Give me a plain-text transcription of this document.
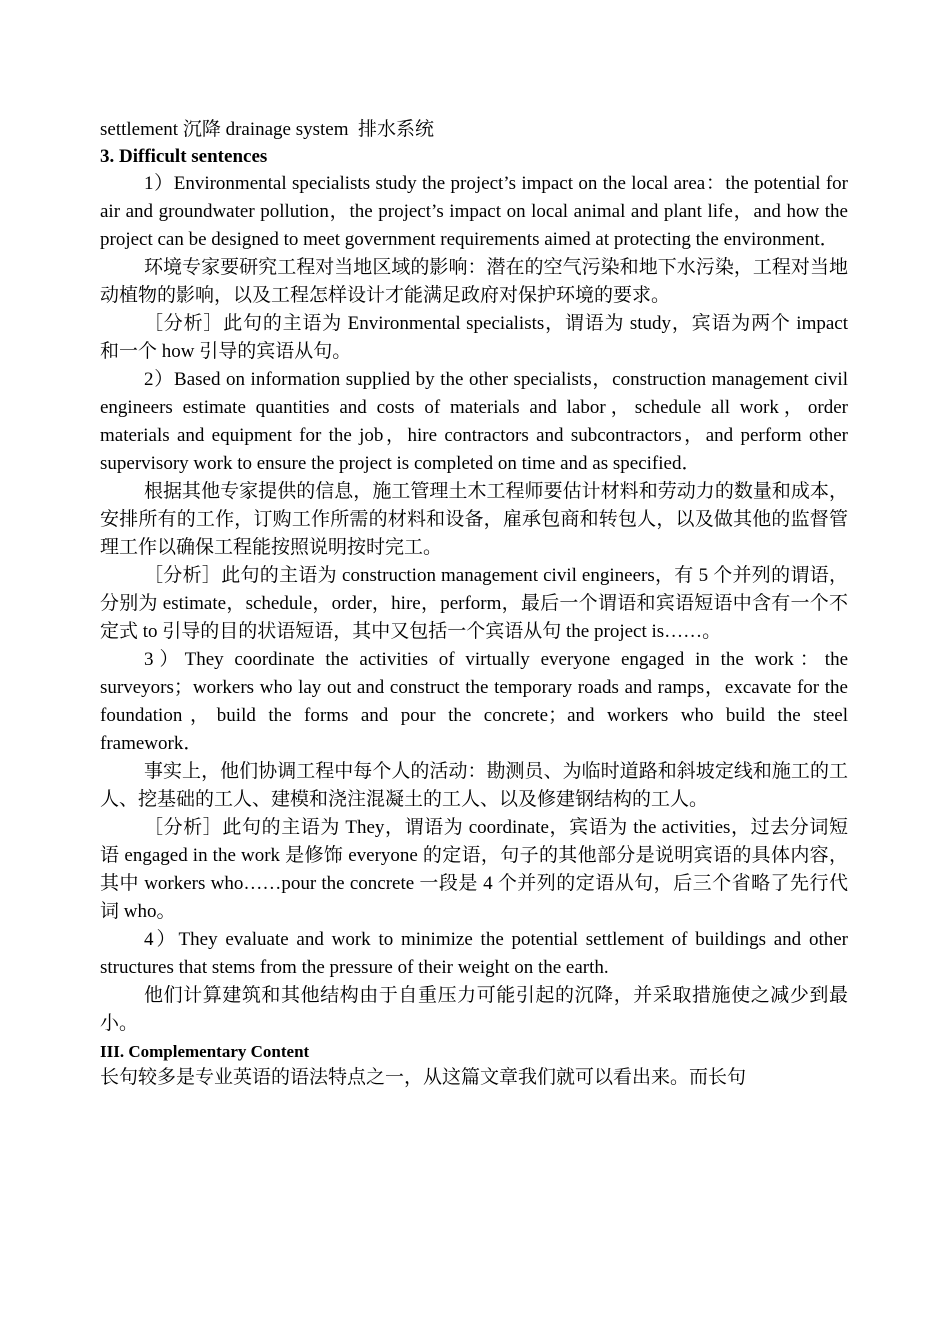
settlement 沉降 drainage system  排水系统
3. Difficult sentences

1）Environmental specialists study the project’s impact on the local area：the potential for air and groundwater pollution，the project’s impact on local animal and plant life，and how the project can be designed to meet government requirements aimed at protecting the environment．

环境专家要研究工程对当地区域的影响：潜在的空气污染和地下水污染，工程对当地动植物的影响，以及工程怎样设计才能满足政府对保护环境的要求。

［分析］此句的主语为 Environmental specialists，谓语为 study，宾语为两个 impact 和一个 how 引导的宾语从句。

2）Based on information supplied by the other specialists，construction management civil engineers estimate quantities and costs of materials and labor，schedule all work，order materials and equipment for the job，hire contractors and subcontractors，and perform other supervisory work to ensure the project is completed on time and as specified．

根据其他专家提供的信息，施工管理土木工程师要估计材料和劳动力的数量和成本，安排所有的工作，订购工作所需的材料和设备，雇承包商和转包人，以及做其他的监督管理工作以确保工程能按照说明按时完工。

［分析］此句的主语为 construction management civil engineers，有 5 个并列的谓语，分别为 estimate，schedule，order，hire，perform，最后一个谓语和宾语短语中含有一个不定式 to 引导的目的状语短语，其中又包括一个宾语从句 the project is……。

3）They coordinate the activities of virtually everyone engaged in the work：the surveyors；workers who lay out and construct the temporary roads and ramps，excavate for the foundation，build the forms and pour the concrete；and workers who build the steel framework．

事实上，他们协调工程中每个人的活动：勘测员、为临时道路和斜坡定线和施工的工人、挖基础的工人、建模和浇注混凝土的工人、以及修建钢结构的工人。

［分析］此句的主语为 They，谓语为 coordinate，宾语为 the activities，过去分词短语 engaged in the work 是修饰 everyone 的定语，句子的其他部分是说明宾语的具体内容，其中 workers who……pour the concrete 一段是 4 个并列的定语从句，后三个省略了先行代词 who。

4）They evaluate and work to minimize the potential settlement of buildings and other structures that stems from the pressure of their weight on the earth.

他们计算建筑和其他结构由于自重压力可能引起的沉降，并采取措施使之减少到最小。

III. Complementary Content

长句较多是专业英语的语法特点之一，从这篇文章我们就可以看出来。而长句
